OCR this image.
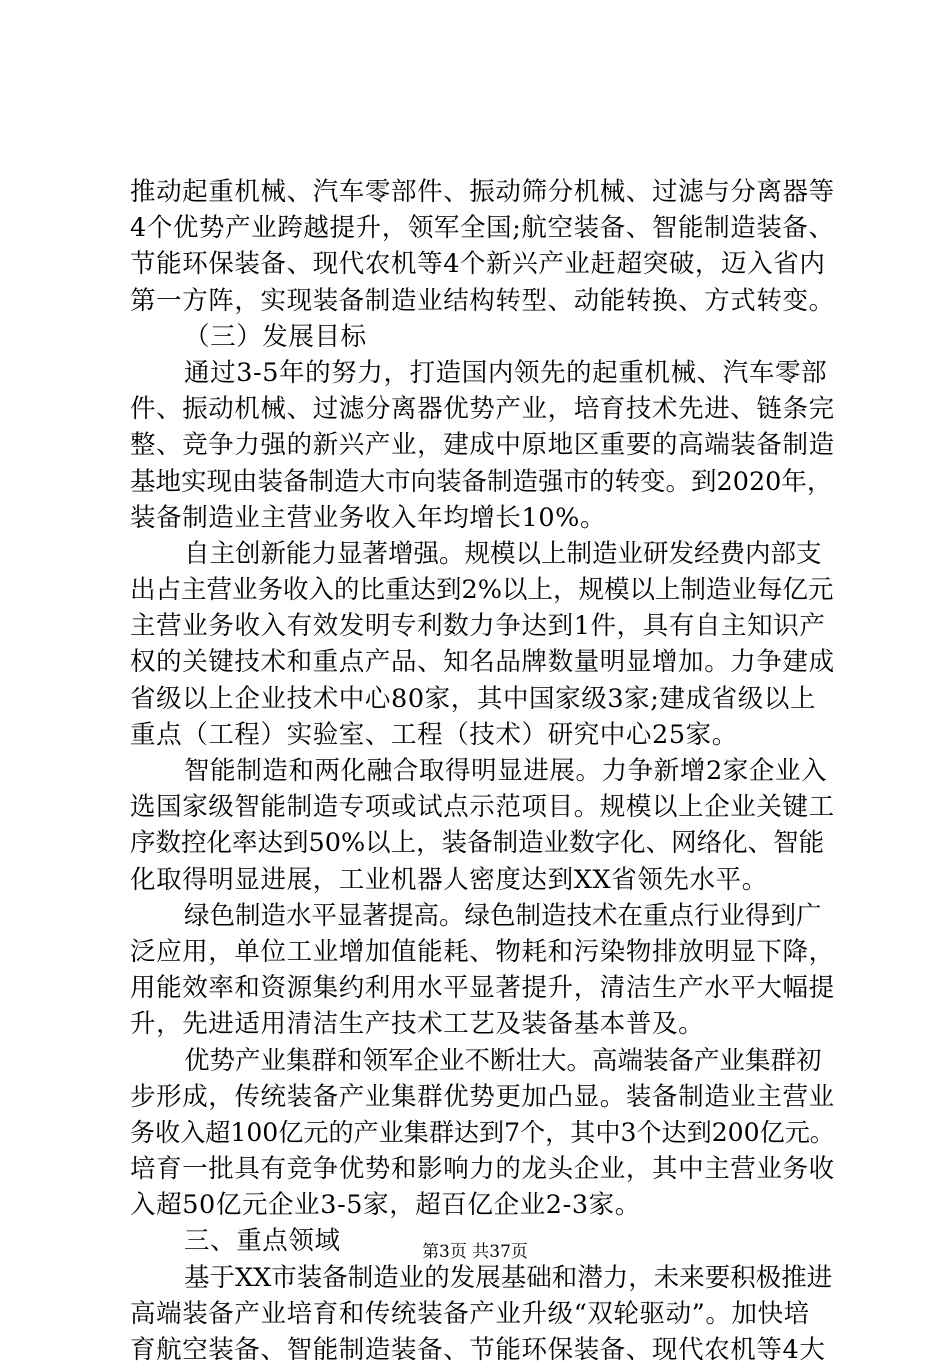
推动起重机械、汽车零部件、振动筛分机械、过滤与分离器等
4个优势产业跨越提升，领军全国;航空装备、智能制造装备、
节能环保装备、现代农机等4个新兴产业赶超突破，迈入省内
第一方阵，实现装备制造业结构转型、动能转换、方式转变。
（三）发展目标
通过3-5年的努力，打造国内领先的起重机械、汽车零部
件、振动机械、过滤分离器优势产业，培育技术先进、链条完
整、竞争力强的新兴产业，建成中原地区重要的高端装备制造
基地实现由装备制造大市向装备制造强市的转变。到2020年，
装备制造业主营业务收入年均增长10%。
自主创新能力显著增强。规模以上制造业研发经费内部支
出占主营业务收入的比重达到2%以上，规模以上制造业每亿元
主营业务收入有效发明专利数力争达到1件，具有自主知识产
权的关键技术和重点产品、知名品牌数量明显增加。力争建成
省级以上企业技术中心80家，其中国家级3家;建成省级以上
重点（工程）实验室、工程（技术）研究中心25家。
智能制造和两化融合取得明显进展。力争新增2家企业入
选国家级智能制造专项或试点示范项目。规模以上企业关键工
序数控化率达到50%以上，装备制造业数字化、网络化、智能
化取得明显进展，工业机器人密度达到XX省领先水平。
绿色制造水平显著提高。绿色制造技术在重点行业得到广
泛应用，单位工业增加值能耗、物耗和污染物排放明显下降，
用能效率和资源集约利用水平显著提升，清洁生产水平大幅提
升，先进适用清洁生产技术工艺及装备基本普及。
优势产业集群和领军企业不断壮大。高端装备产业集群初
步形成，传统装备产业集群优势更加凸显。装备制造业主营业
务收入超100亿元的产业集群达到7个，其中3个达到200亿元。
培育一批具有竞争优势和影响力的龙头企业，其中主营业务收
入超50亿元企业3-5家，超百亿企业2-3家。
三、重点领域
基于XX市装备制造业的发展基础和潜力，未来要积极推进
高端装备产业培育和传统装备产业升级“双轮驱动”。加快培
育航空装备、智能制造装备、节能环保装备、现代农机等4大
第3页 共37页
